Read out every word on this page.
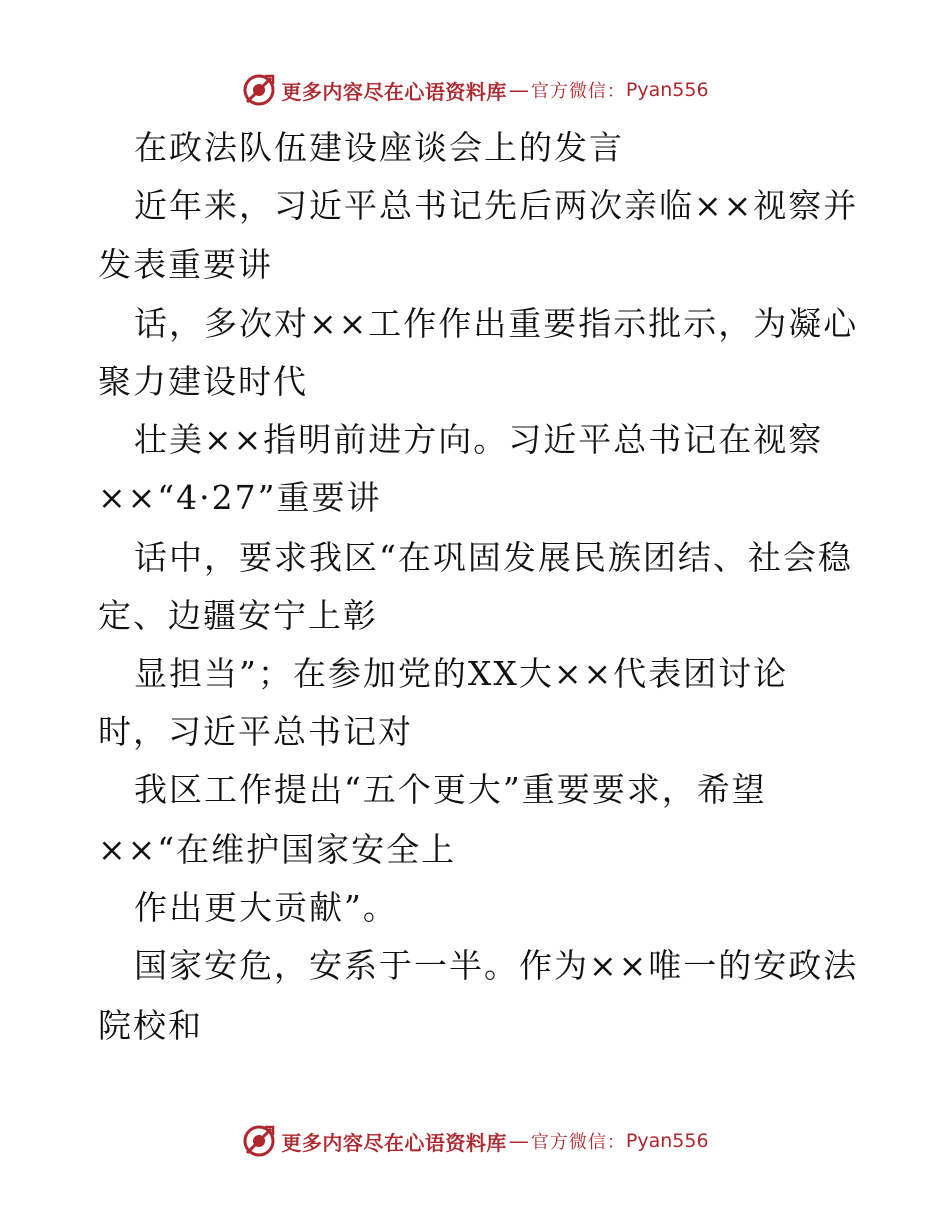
更多内容尽在心语资料库 — 官方微信： Pyan556
在政法队伍建设座谈会上的发言
近年来，习近平总书记先后两次亲临××视察并
发表重要讲
话，多次对××工作作出重要指示批示，为凝心
聚力建设时代
壮美××指明前进方向。习近平总书记在视察
××“4·27”重要讲
话中，要求我区“在巩固发展民族团结、社会稳
定、边疆安宁上彰
显担当”；在参加党的XX大××代表团讨论
时，习近平总书记对
我区工作提出“五个更大”重要要求，希望
××“在维护国家安全上
作出更大贡献”。
国家安危，安系于一半。作为××唯一的安政法
院校和
更多内容尽在心语资料库 — 官方微信： Pyan556
